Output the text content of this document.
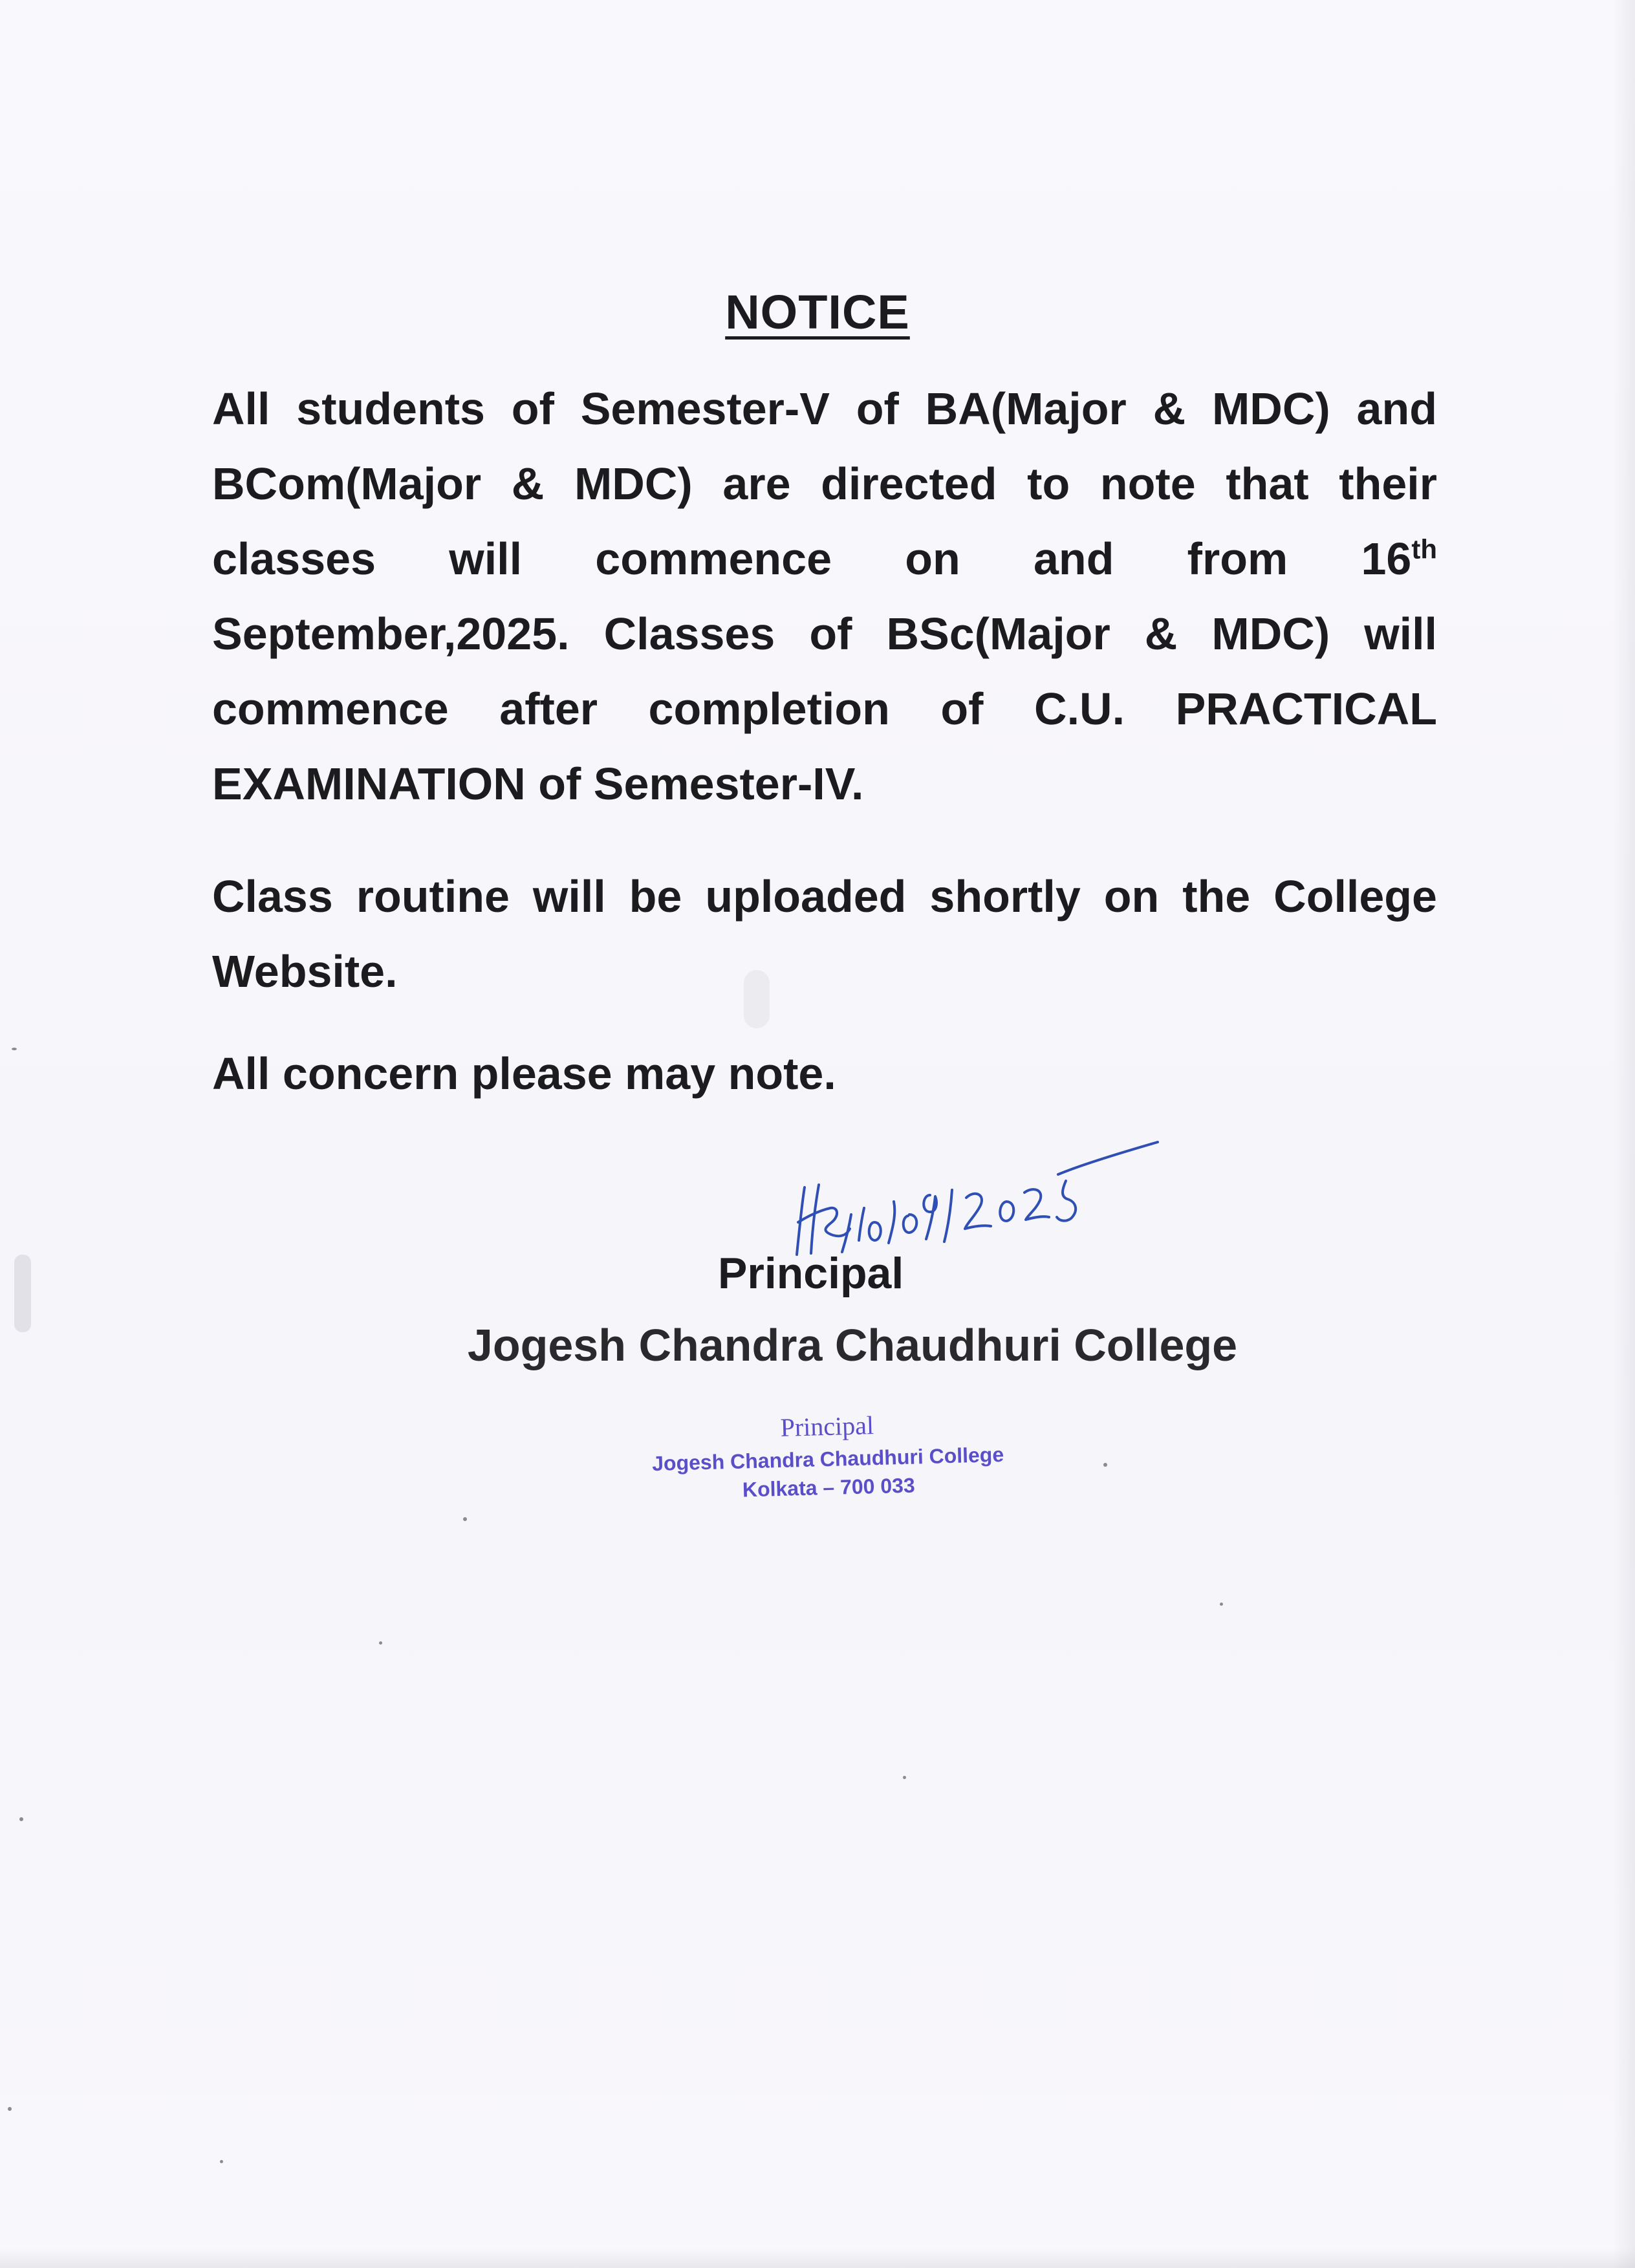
NOTICE
All students of Semester-V of BA(Major & MDC) and BCom(Major & MDC) are directed to note that their classes will commence on and from 16th September,2025. Classes of BSc(Major & MDC) will commence after completion of C.U. PRACTICAL EXAMINATION of Semester-IV.
Class routine will be uploaded shortly on the College Website.
All concern please may note.
Principal
Jogesh Chandra Chaudhuri College
Principal
Jogesh Chandra Chaudhuri College
Kolkata – 700 033
